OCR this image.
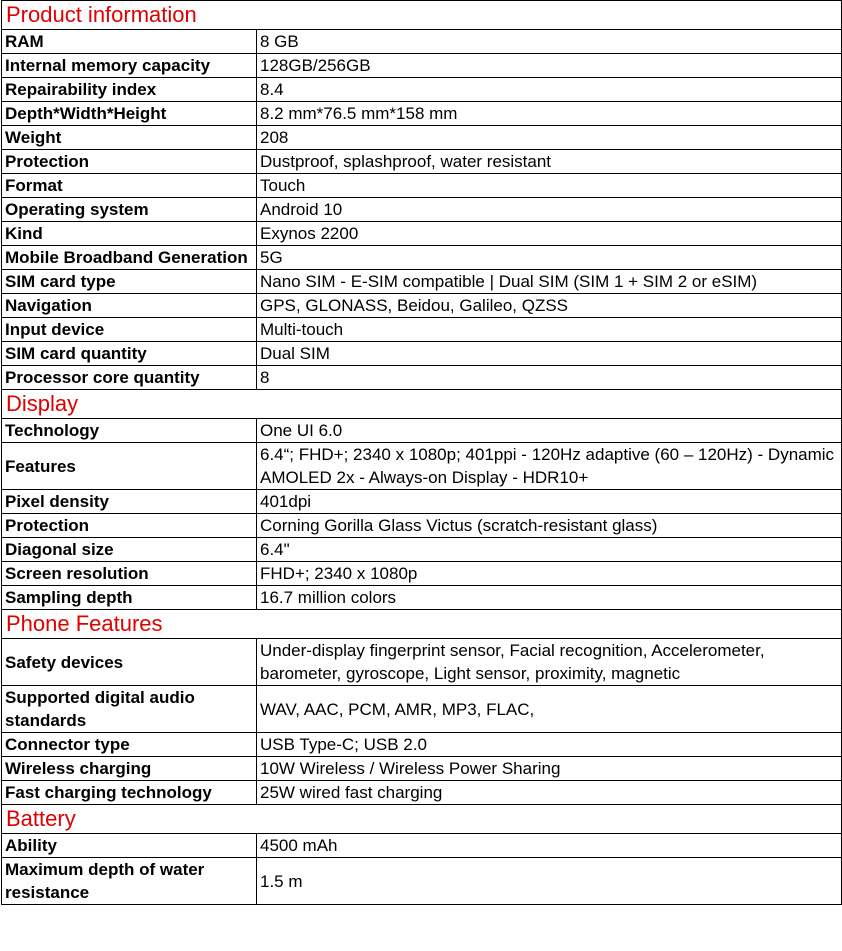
Product information	
RAM	8 GB
Internal memory capacity	128GB/256GB
Repairability index	8.4
Depth*Width*Height	8.2 mm*76.5 mm*158 mm
Weight	208
Protection	Dustproof, splashproof, water resistant
Format	Touch
Operating system	Android 10
Kind	Exynos 2200
Mobile Broadband Generation	5G
SIM card type	Nano SIM - E-SIM compatible | Dual SIM (SIM 1 + SIM 2 or eSIM)
Navigation	GPS, GLONASS, Beidou, Galileo, QZSS
Input device	Multi-touch
SIM card quantity	Dual SIM
Processor core quantity	8
Display	
Technology	One UI 6.0
Features	6.4“; FHD+; 2340 x 1080p; 401ppi - 120Hz adaptive (60 – 120Hz) - Dynamic AMOLED 2x - Always-on Display - HDR10+
Pixel density	401dpi
Protection	Corning Gorilla Glass Victus (scratch-resistant glass)
Diagonal size	6.4"
Screen resolution	FHD+; 2340 x 1080p
Sampling depth	16.7 million colors
Phone Features	
Safety devices	Under-display fingerprint sensor, Facial recognition, Accelerometer, barometer, gyroscope, Light sensor, proximity, magnetic
Supported digital audio standards	WAV, AAC, PCM, AMR, MP3, FLAC,
Connector type	USB Type-C; USB 2.0
Wireless charging	10W Wireless / Wireless Power Sharing
Fast charging technology	25W wired fast charging
Battery	
Ability	4500 mAh
Maximum depth of water resistance	1.5 m
